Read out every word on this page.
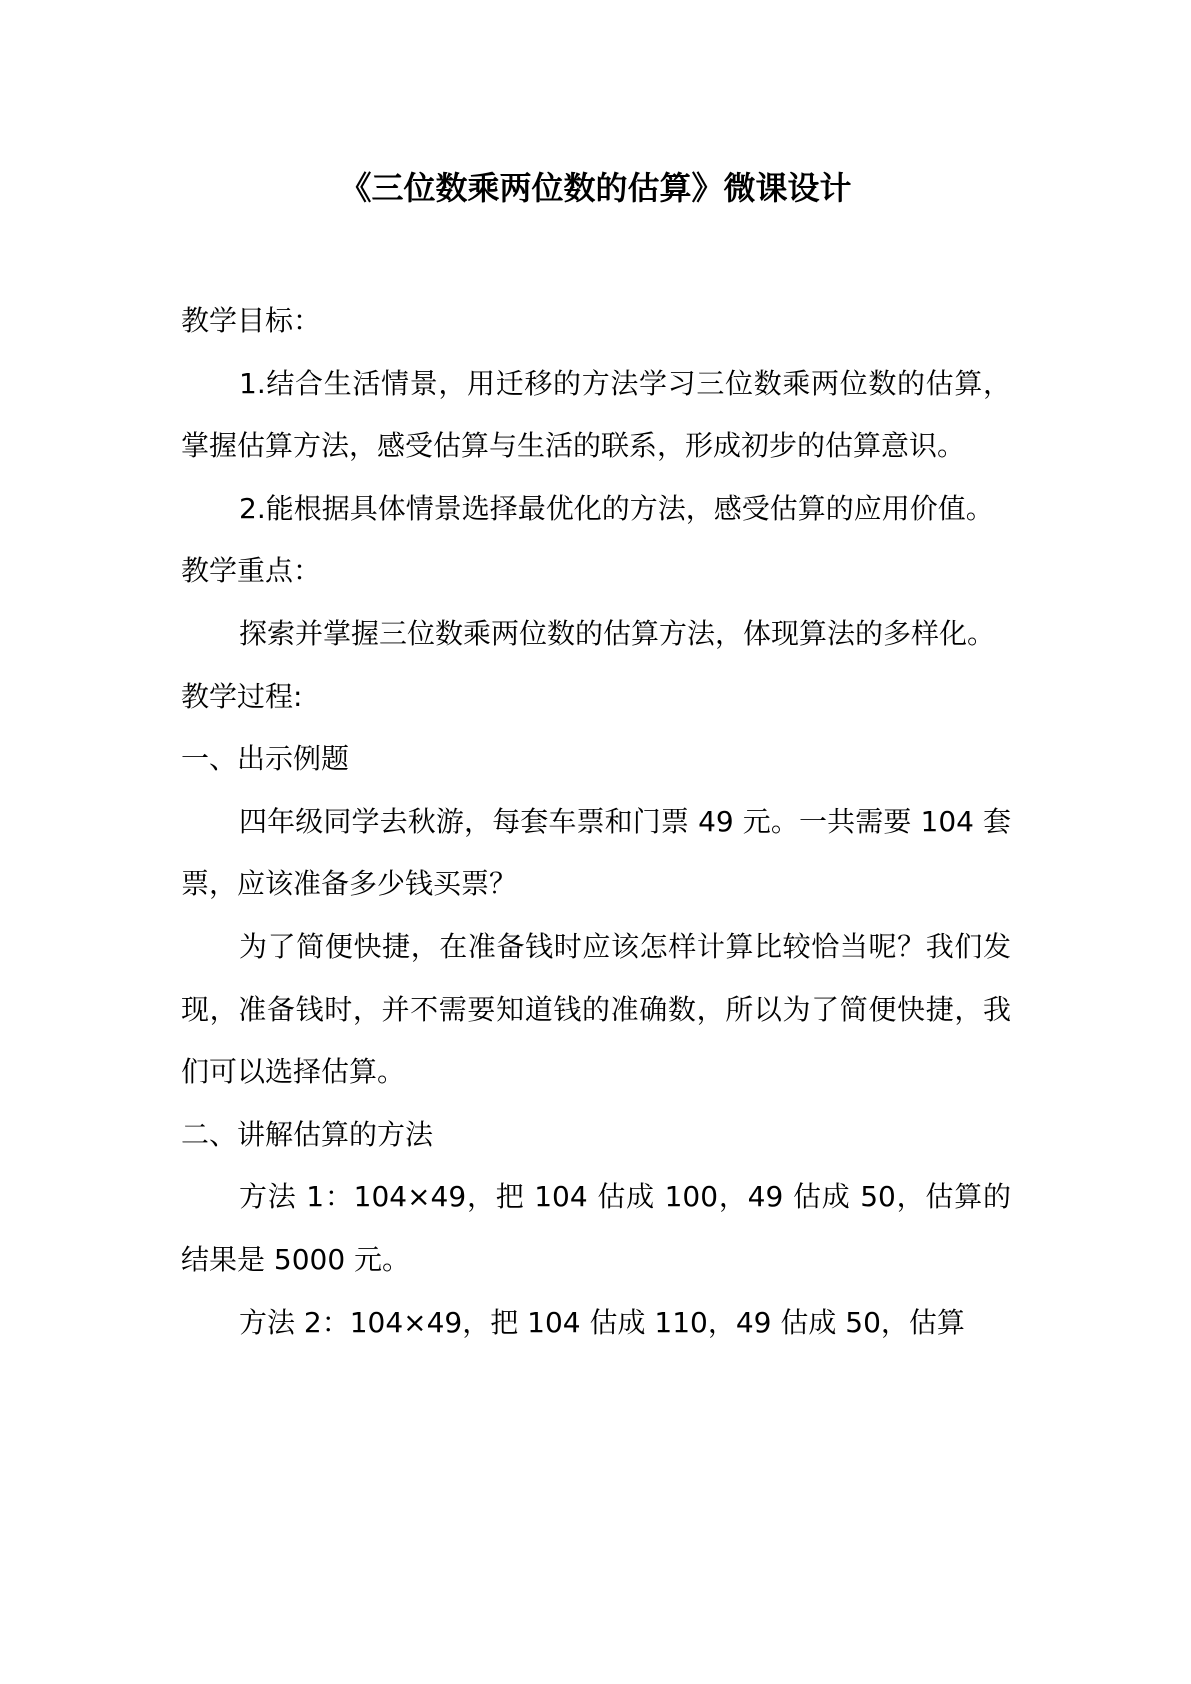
《三位数乘两位数的估算》微课设计

教学目标：

1.结合生活情景，用迁移的方法学习三位数乘两位数的估算，掌握估算方法，感受估算与生活的联系，形成初步的估算意识。

2.能根据具体情景选择最优化的方法，感受估算的应用价值。

教学重点：

探索并掌握三位数乘两位数的估算方法，体现算法的多样化。

教学过程:

一、出示例题

四年级同学去秋游，每套车票和门票 49 元。一共需要 104 套票，应该准备多少钱买票？

为了简便快捷，在准备钱时应该怎样计算比较恰当呢？我们发现，准备钱时，并不需要知道钱的准确数，所以为了简便快捷，我们可以选择估算。

二、讲解估算的方法

方法 1：104×49，把 104 估成 100，49 估成 50，估算的结果是 5000 元。

方法 2：104×49，把 104 估成 110，49 估成 50，估算
